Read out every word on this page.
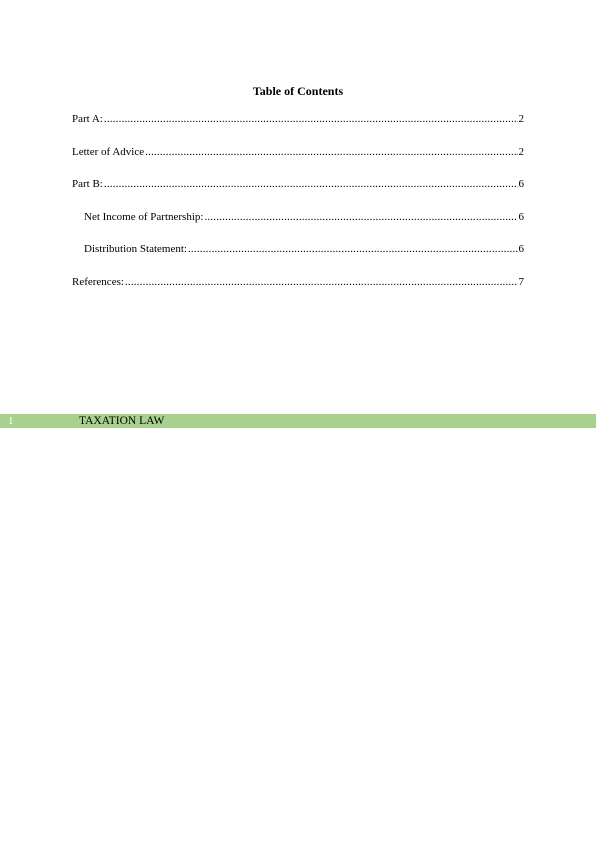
Table of Contents
Part A: .....	2
Letter of Advice .....	2
Part B: .....	6
Net Income of Partnership: .....	6
Distribution Statement: .....	6
References: .....	7
1	TAXATION LAW
